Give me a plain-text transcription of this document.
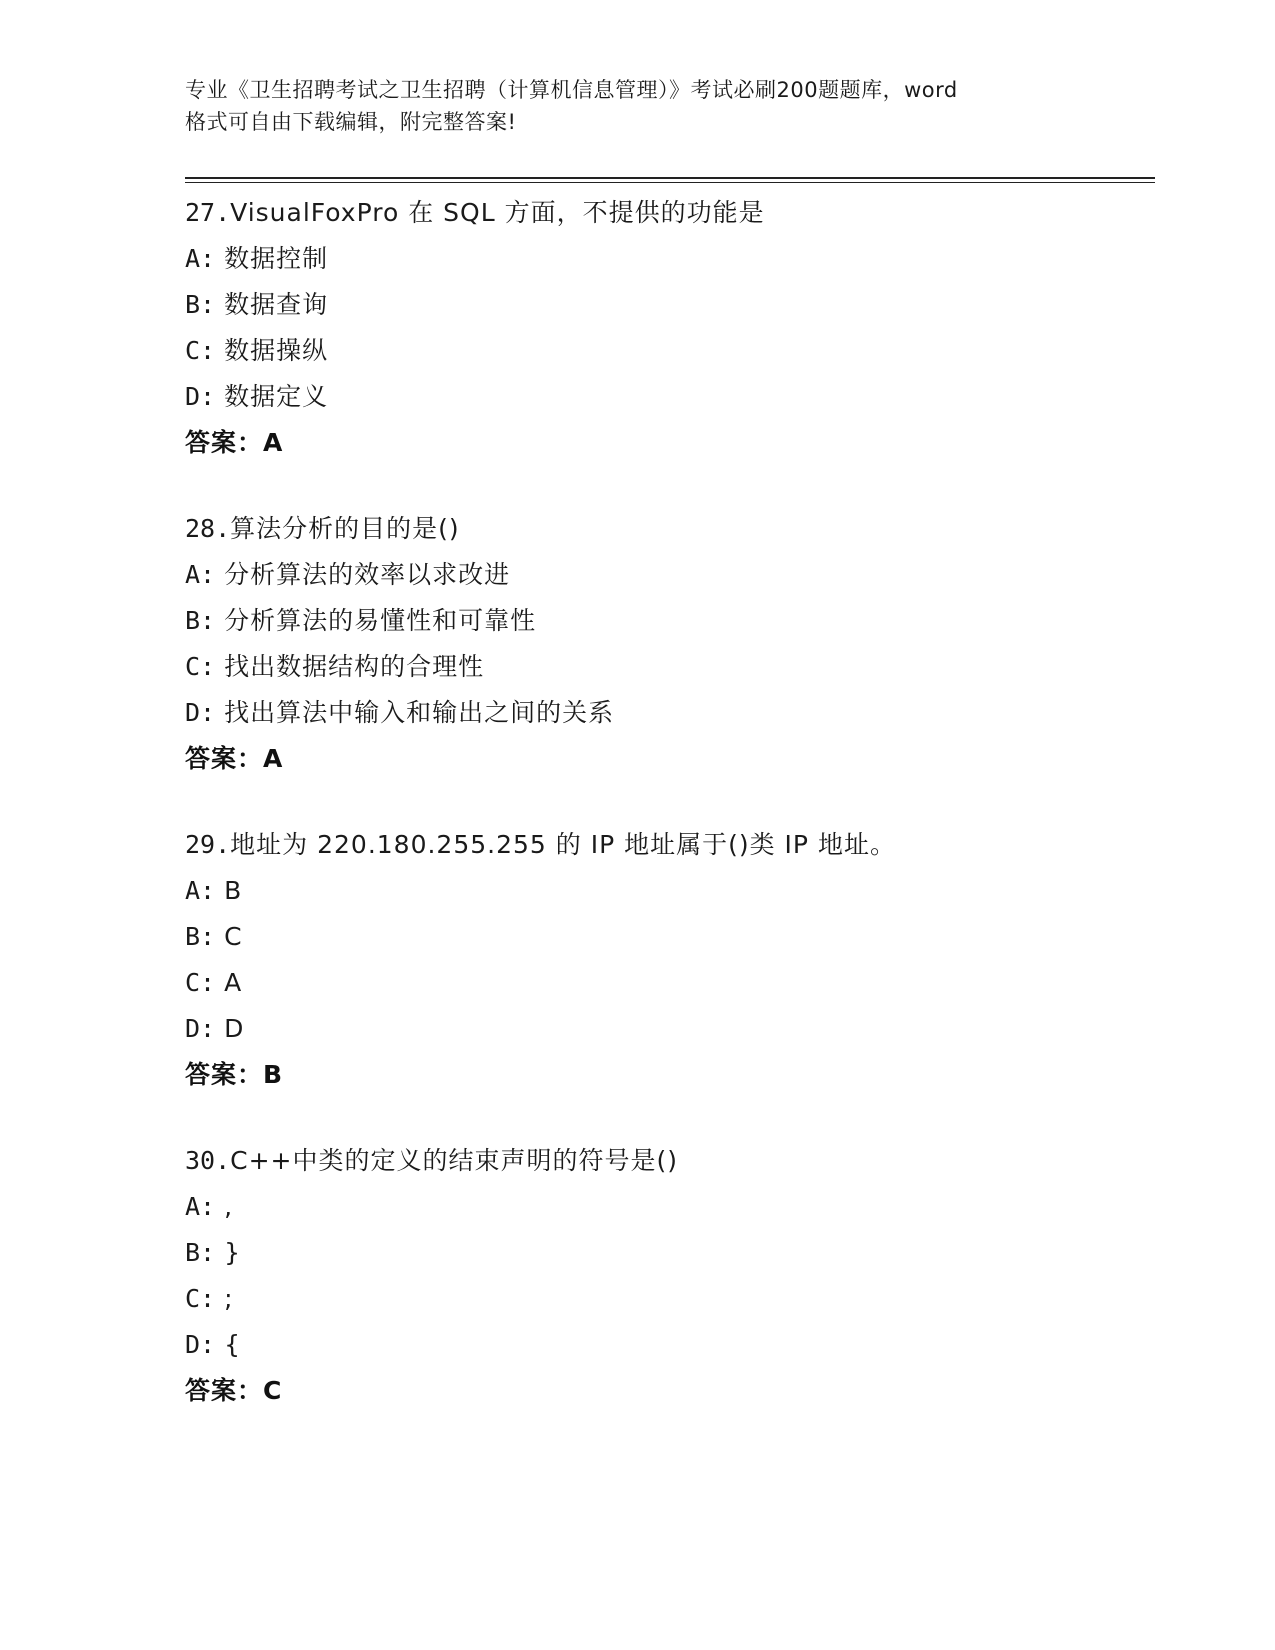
专业《卫生招聘考试之卫生招聘（计算机信息管理）》考试必刷200题题库，word
格式可自由下载编辑，附完整答案!
27.VisualFoxPro 在 SQL 方面，不提供的功能是
A: 数据控制
B: 数据查询
C: 数据操纵
D: 数据定义
答案：A
28.算法分析的目的是()
A: 分析算法的效率以求改进
B: 分析算法的易懂性和可靠性
C: 找出数据结构的合理性
D: 找出算法中输入和输出之间的关系
答案：A
29.地址为 220.180.255.255 的 IP 地址属于()类 IP 地址。
A: B
B: C
C: A
D: D
答案：B
30.C++中类的定义的结束声明的符号是()
A: ,
B: }
C: ;
D: {
答案：C
